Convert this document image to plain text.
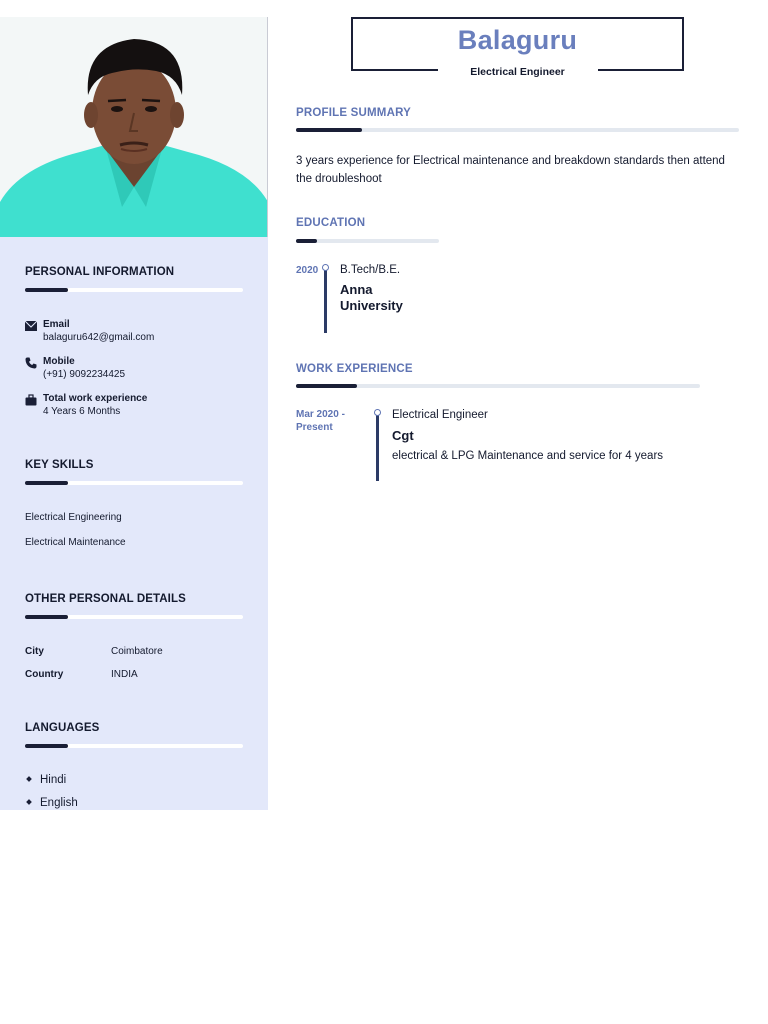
PERSONAL INFORMATION
Email
balaguru642@gmail.com
Mobile
(+91) 9092234425
Total work experience
4 Years 6 Months
KEY SKILLS
Electrical Engineering
Electrical Maintenance
OTHER PERSONAL DETAILS
City	Coimbatore
Country	INDIA
LANGUAGES
Hindi
English
Balaguru
Electrical Engineer
PROFILE SUMMARY
3 years experience for Electrical maintenance and breakdown standards then attend the droubleshoot
EDUCATION
2020 B.Tech/B.E.
Anna University
WORK EXPERIENCE
Mar 2020 - Present
Electrical Engineer
Cgt
electrical & LPG Maintenance and service for 4 years
